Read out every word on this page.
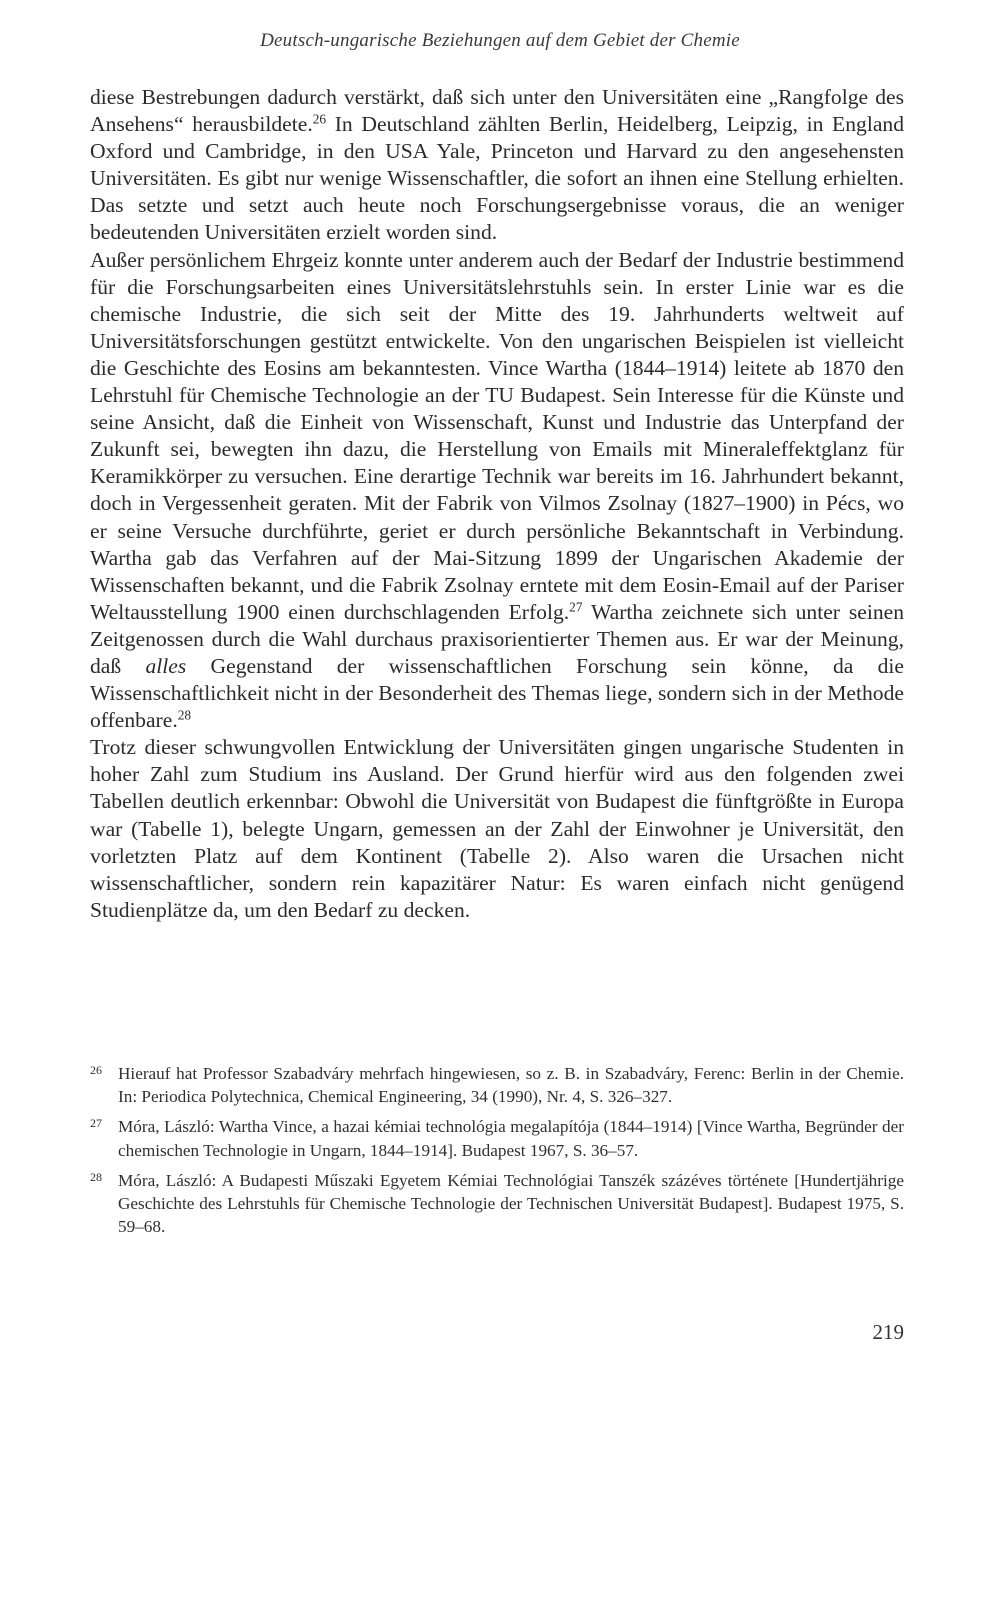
Deutsch-ungarische Beziehungen auf dem Gebiet der Chemie

diese Bestrebungen dadurch verstärkt, daß sich unter den Universitäten eine „Rangfolge des Ansehens“ herausbildete.$^{26}$ In Deutschland zählten Berlin, Heidelberg, Leipzig, in England Oxford und Cambridge, in den USA Yale, Princeton und Harvard zu den angesehensten Universitäten. Es gibt nur wenige Wissenschaftler, die sofort an ihnen eine Stellung erhielten. Das setzte und setzt auch heute noch Forschungsergebnisse voraus, die an weniger bedeutenden Universitäten erzielt worden sind.

Außer persönlichem Ehrgeiz konnte unter anderem auch der Bedarf der Industrie bestimmend für die Forschungsarbeiten eines Universitätslehrstuhls sein. In erster Linie war es die chemische Industrie, die sich seit der Mitte des 19. Jahrhunderts weltweit auf Universitätsforschungen gestützt entwickelte. Von den ungarischen Beispielen ist vielleicht die Geschichte des Eosins am bekanntesten. Vince Wartha (1844–1914) leitete ab 1870 den Lehrstuhl für Chemische Technologie an der TU Budapest. Sein Interesse für die Künste und seine Ansicht, daß die Einheit von Wissenschaft, Kunst und Industrie das Unterpfand der Zukunft sei, bewegten ihn dazu, die Herstellung von Emails mit Mineraleffektglanz für Keramikkörper zu versuchen. Eine derartige Technik war bereits im 16. Jahrhundert bekannt, doch in Vergessenheit geraten. Mit der Fabrik von Vilmos Zsolnay (1827–1900) in Pécs, wo er seine Versuche durchführte, geriet er durch persönliche Bekanntschaft in Verbindung. Wartha gab das Verfahren auf der Mai-Sitzung 1899 der Ungarischen Akademie der Wissenschaften bekannt, und die Fabrik Zsolnay erntete mit dem Eosin-Email auf der Pariser Weltausstellung 1900 einen durchschlagenden Erfolg.$^{27}$ Wartha zeichnete sich unter seinen Zeitgenossen durch die Wahl durchaus praxisorientierter Themen aus. Er war der Meinung, daß alles Gegenstand der wissenschaftlichen Forschung sein könne, da die Wissenschaftlichkeit nicht in der Besonderheit des Themas liege, sondern sich in der Methode offenbare.$^{28}$

Trotz dieser schwungvollen Entwicklung der Universitäten gingen ungarische Studenten in hoher Zahl zum Studium ins Ausland. Der Grund hierfür wird aus den folgenden zwei Tabellen deutlich erkennbar: Obwohl die Universität von Budapest die fünftgrößte in Europa war (Tabelle 1), belegte Ungarn, gemessen an der Zahl der Einwohner je Universität, den vorletzten Platz auf dem Kontinent (Tabelle 2). Also waren die Ursachen nicht wissenschaftlicher, sondern rein kapazitärer Natur: Es waren einfach nicht genügend Studienplätze da, um den Bedarf zu decken.

26 Hierauf hat Professor Szabadváry mehrfach hingewiesen, so z. B. in Szabadváry, Ferenc: Berlin in der Chemie. In: Periodica Polytechnica, Chemical Engineering, 34 (1990), Nr. 4, S. 326–327.
27 Móra, László: Wartha Vince, a hazai kémiai technológia megalapítója (1844–1914) [Vince Wartha, Begründer der chemischen Technologie in Ungarn, 1844–1914]. Budapest 1967, S. 36–57.
28 Móra, László: A Budapesti Műszaki Egyetem Kémiai Technológiai Tanszék százéves története [Hundertjährige Geschichte des Lehrstuhls für Chemische Technologie der Technischen Universität Budapest]. Budapest 1975, S. 59–68.
219
